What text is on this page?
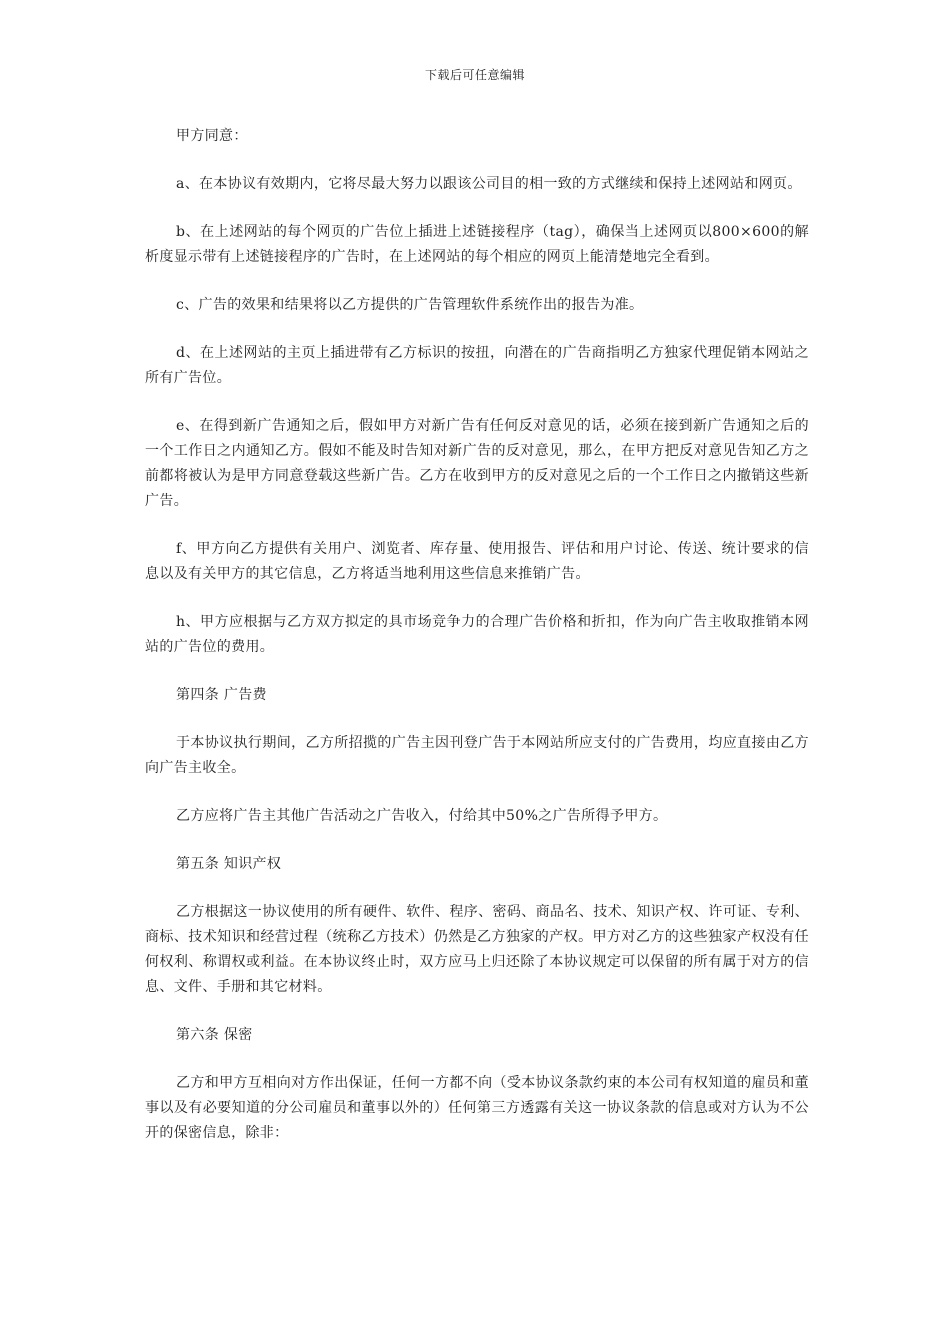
下载后可任意编辑

甲方同意：

a、在本协议有效期内，它将尽最大努力以跟该公司目的相一致的方式继续和保持上述网站和网页。

b、在上述网站的每个网页的广告位上插进上述链接程序（tag），确保当上述网页以800×600的解析度显示带有上述链接程序的广告时，在上述网站的每个相应的网页上能清楚地完全看到。

c、广告的效果和结果将以乙方提供的广告管理软件系统作出的报告为准。

d、在上述网站的主页上插进带有乙方标识的按扭，向潜在的广告商指明乙方独家代理促销本网站之所有广告位。

e、在得到新广告通知之后，假如甲方对新广告有任何反对意见的话，必须在接到新广告通知之后的一个工作日之内通知乙方。假如不能及时告知对新广告的反对意见，那么，在甲方把反对意见告知乙方之前都将被认为是甲方同意登载这些新广告。乙方在收到甲方的反对意见之后的一个工作日之内撤销这些新广告。

f、甲方向乙方提供有关用户、浏览者、库存量、使用报告、评估和用户讨论、传送、统计要求的信息以及有关甲方的其它信息，乙方将适当地利用这些信息来推销广告。

h、甲方应根据与乙方双方拟定的具市场竞争力的合理广告价格和折扣，作为向广告主收取推销本网站的广告位的费用。

第四条 广告费

于本协议执行期间，乙方所招揽的广告主因刊登广告于本网站所应支付的广告费用，均应直接由乙方向广告主收全。

乙方应将广告主其他广告活动之广告收入，付给其中50%之广告所得予甲方。

第五条 知识产权

乙方根据这一协议使用的所有硬件、软件、程序、密码、商品名、技术、知识产权、许可证、专利、商标、技术知识和经营过程（统称乙方技术）仍然是乙方独家的产权。甲方对乙方的这些独家产权没有任何权利、称谓权或利益。在本协议终止时，双方应马上归还除了本协议规定可以保留的所有属于对方的信息、文件、手册和其它材料。

第六条 保密

乙方和甲方互相向对方作出保证，任何一方都不向（受本协议条款约束的本公司有权知道的雇员和董事以及有必要知道的分公司雇员和董事以外的）任何第三方透露有关这一协议条款的信息或对方认为不公开的保密信息，除非：
